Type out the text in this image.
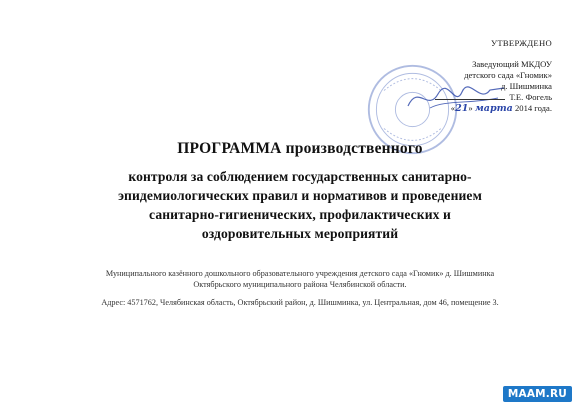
УТВЕРЖДЕНО
Заведующий МКДОУ
детского сада «Гномик»
д. Шишминка
Т.Е. Фогель
«21» марта 2014 года.
ПРОГРАММА производственного
контроля за соблюдением государственных санитарно-
эпидемиологических правил и нормативов и проведением
санитарно-гигиенических, профилактических и
оздоровительных мероприятий
Муниципального казённого дошкольного образовательного учреждения детского сада «Гномик» д. Шишминка
Октябрьского муниципального района Челябинской области.
Адрес: 4571762, Челябинская область, Октябрьский район, д. Шишминка, ул. Центральная, дом 46, помещение 3.
MAAM.RU
